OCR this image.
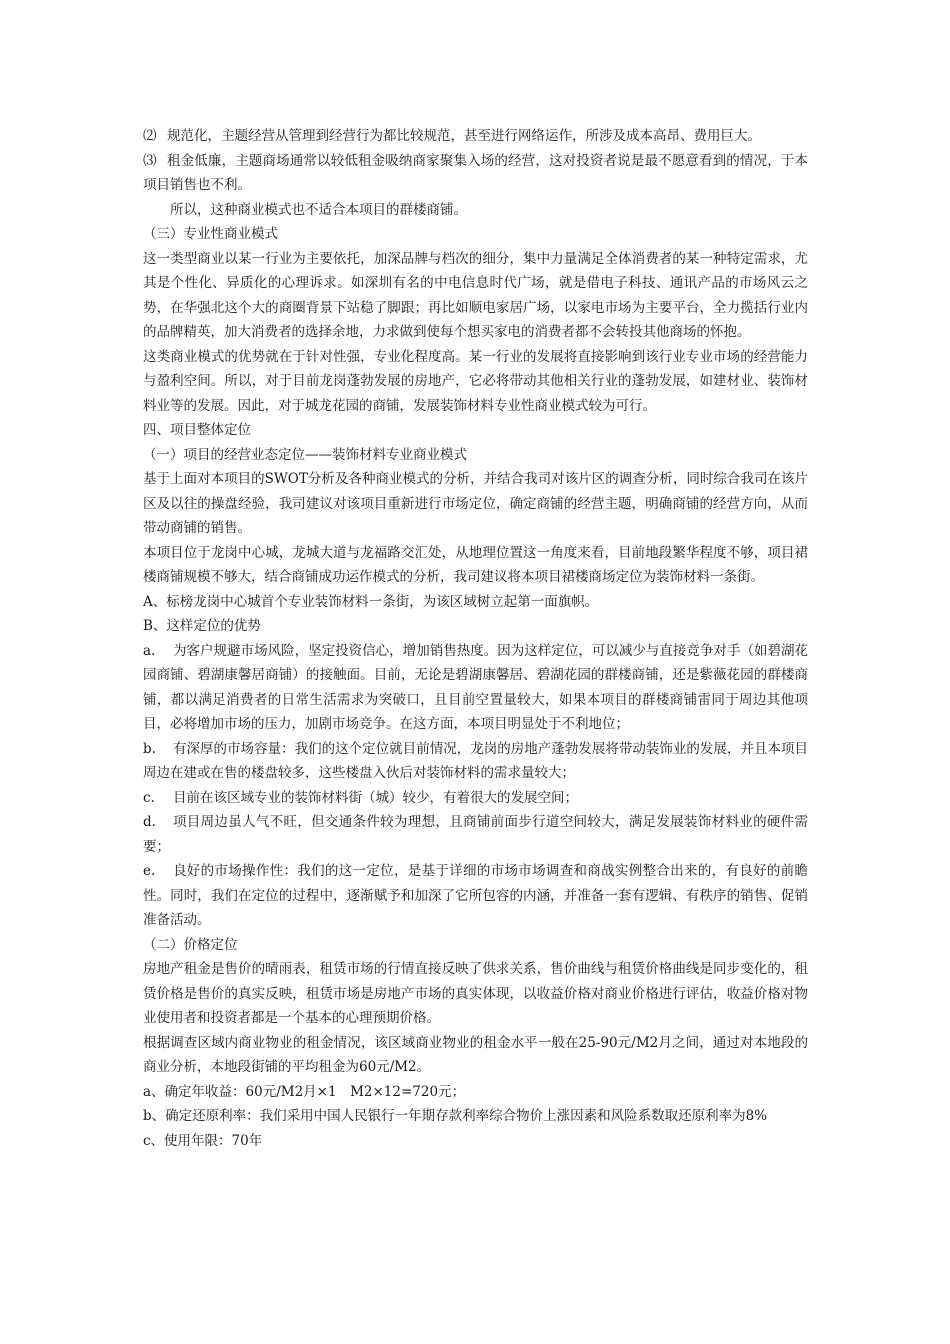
⑵ 规范化，主题经营从管理到经营行为都比较规范，甚至进行网络运作，所涉及成本高昂、费用巨大。
⑶ 租金低廉，主题商场通常以较低租金吸纳商家聚集入场的经营，这对投资者说是最不愿意看到的情况，于本项目销售也不利。

所以，这种商业模式也不适合本项目的群楼商铺。

（三）专业性商业模式

这一类型商业以某一行业为主要依托，加深品牌与档次的细分，集中力量满足全体消费者的某一种特定需求，尤其是个性化、异质化的心理诉求。如深圳有名的中电信息时代广场，就是借电子科技、通讯产品的市场风云之势，在华强北这个大的商圈背景下站稳了脚跟；再比如顺电家居广场，以家电市场为主要平台，全力揽括行业内的品牌精英，加大消费者的选择余地，力求做到使每个想买家电的消费者都不会转投其他商场的怀抱。

这类商业模式的优势就在于针对性强，专业化程度高。某一行业的发展将直接影响到该行业专业市场的经营能力与盈利空间。所以，对于目前龙岗蓬勃发展的房地产，它必将带动其他相关行业的蓬勃发展，如建材业、装饰材料业等的发展。因此，对于城龙花园的商铺，发展装饰材料专业性商业模式较为可行。

四、项目整体定位

（一）项目的经营业态定位——装饰材料专业商业模式

基于上面对本项目的SWOT分析及各种商业模式的分析，并结合我司对该片区的调查分析，同时综合我司在该片区及以往的操盘经验，我司建议对该项目重新进行市场定位，确定商铺的经营主题，明确商铺的经营方向，从而带动商铺的销售。

本项目位于龙岗中心城，龙城大道与龙福路交汇处，从地理位置这一角度来看，目前地段繁华程度不够，项目裙楼商铺规模不够大，结合商铺成功运作模式的分析，我司建议将本项目裙楼商场定位为装饰材料一条街。

A、标榜龙岗中心城首个专业装饰材料一条街，为该区域树立起第一面旗帜。

B、这样定位的优势

a.	为客户规避市场风险，坚定投资信心，增加销售热度。因为这样定位，可以减少与直接竞争对手（如碧湖花园商铺、碧湖康馨居商铺）的接触面。目前，无论是碧湖康馨居、碧湖花园的群楼商铺，还是紫薇花园的群楼商铺，都以满足消费者的日常生活需求为突破口，且目前空置量较大，如果本项目的群楼商铺雷同于周边其他项目，必将增加市场的压力，加剧市场竞争。在这方面，本项目明显处于不利地位；
b.	有深厚的市场容量：我们的这个定位就目前情况，龙岗的房地产蓬勃发展将带动装饰业的发展，并且本项目周边在建或在售的楼盘较多，这些楼盘入伙后对装饰材料的需求量较大；
c.	目前在该区域专业的装饰材料街（城）较少，有着很大的发展空间；
d.	项目周边虽人气不旺，但交通条件较为理想，且商铺前面步行道空间较大，满足发展装饰材料业的硬件需要；
e.	良好的市场操作性：我们的这一定位，是基于详细的市场市场调查和商战实例整合出来的，有良好的前瞻性。同时，我们在定位的过程中，逐渐赋予和加深了它所包容的内涵，并准备一套有逻辑、有秩序的销售、促销准备活动。

（二）价格定位

房地产租金是售价的晴雨表，租赁市场的行情直接反映了供求关系，售价曲线与租赁价格曲线是同步变化的，租赁价格是售价的真实反映，租赁市场是房地产市场的真实体现，以收益价格对商业价格进行评估，收益价格对物业使用者和投资者都是一个基本的心理预期价格。

根据调查区域内商业物业的租金情况，该区域商业物业的租金水平一般在25-90元/M2月之间，通过对本地段的商业分析，本地段街铺的平均租金为60元/M2。

a、确定年收益：60元/M2月×1　M2×12=720元；

b、确定还原利率：我们采用中国人民银行一年期存款利率综合物价上涨因素和风险系数取还原利率为8%

c、使用年限：70年
